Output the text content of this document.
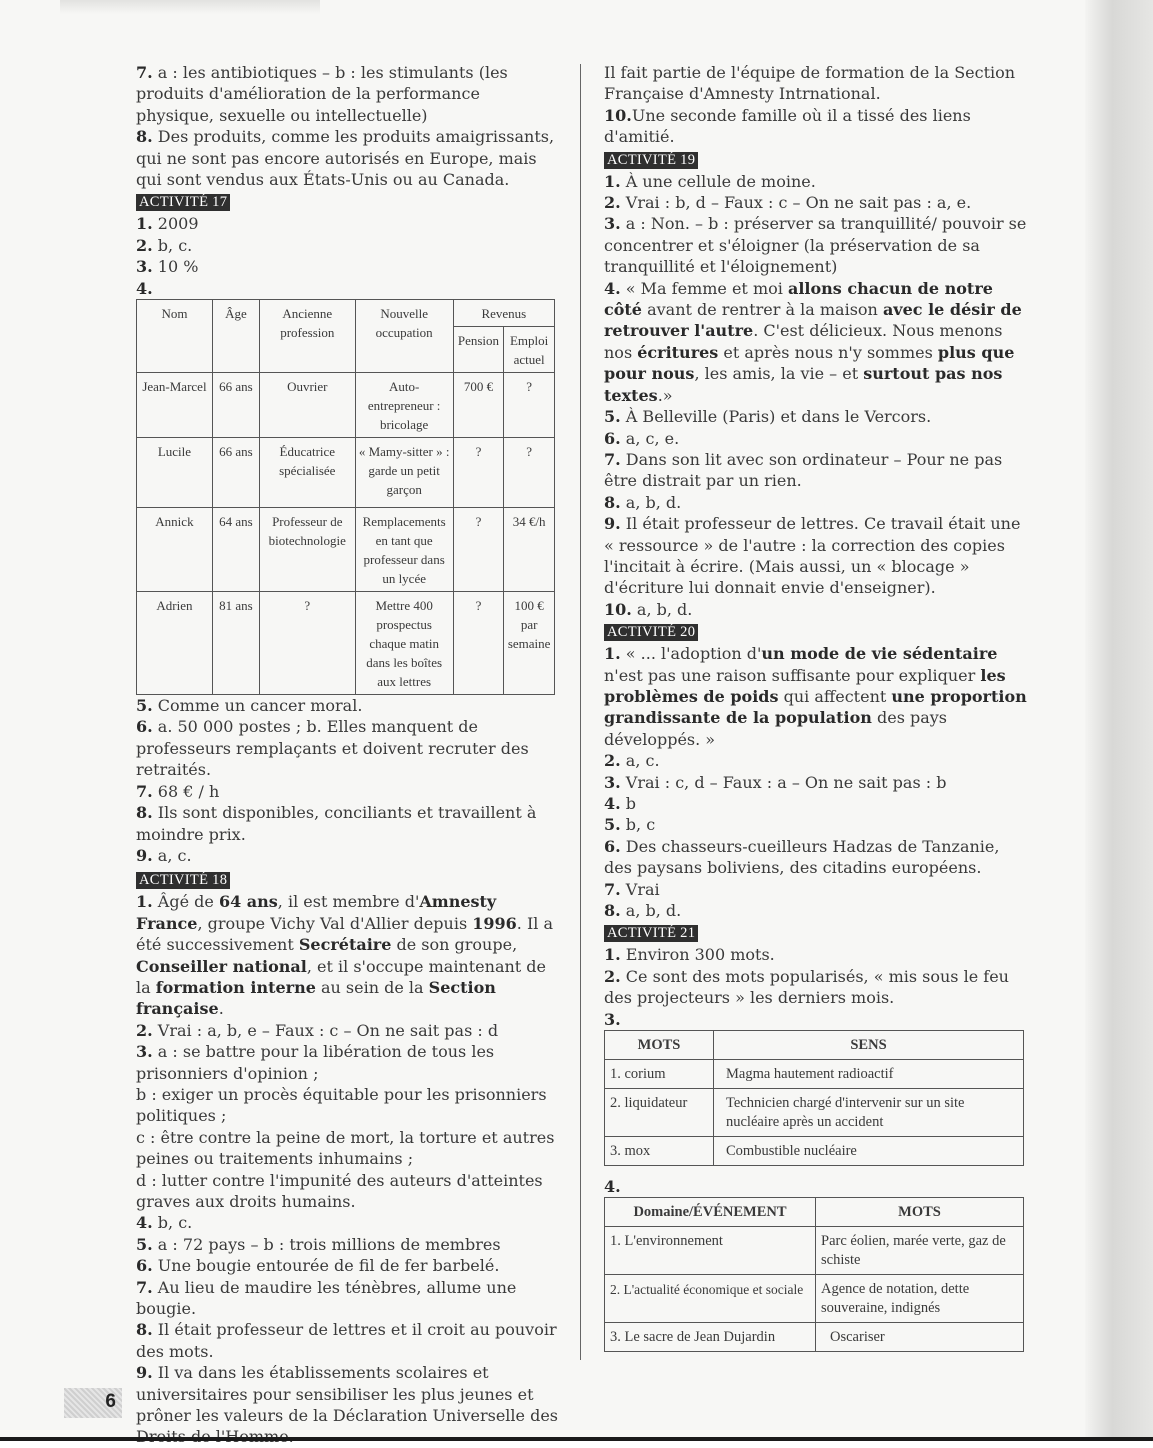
7. a : les antibiotiques – b : les stimulants (les produits d'amélioration de la performance physique, sexuelle ou intellectuelle)

8. Des produits, comme les produits amaigrissants, qui ne sont pas encore autorisés en Europe, mais qui sont vendus aux États-Unis ou au Canada.

ACTIVITÉ 17

1. 2009

2. b, c.

3. 10 %

4.

Nom	Âge	Ancienne profession	Nouvelle occupation	Revenus	
				Pension	Emploi actuel
Jean-Marcel	66 ans	Ouvrier	Auto-entrepreneur : bricolage	700 €	?
Lucile	66 ans	Éducatrice spécialisée	« Mamy-sitter » : garde un petit garçon	?	?
Annick	64 ans	Professeur de biotechnologie	Remplacements en tant que professeur dans un lycée	?	34 €/h
Adrien	81 ans	?	Mettre 400 prospectus chaque matin dans les boîtes aux lettres	?	100 € par semaine

5. Comme un cancer moral.

6. a. 50 000 postes ; b. Elles manquent de professeurs remplaçants et doivent recruter des retraités.

7. 68 € / h

8. Ils sont disponibles, conciliants et travaillent à moindre prix.

9. a, c.

ACTIVITÉ 18

1. Âgé de 64 ans, il est membre d'Amnesty France, groupe Vichy Val d'Allier depuis 1996. Il a été successivement Secrétaire de son groupe, Conseiller national, et il s'occupe maintenant de la formation interne au sein de la Section française.

2. Vrai : a, b, e – Faux : c – On ne sait pas : d

3. a : se battre pour la libération de tous les prisonniers d'opinion ;

b : exiger un procès équitable pour les prisonniers politiques ;

c : être contre la peine de mort, la torture et autres peines ou traitements inhumains ;

d : lutter contre l'impunité des auteurs d'atteintes graves aux droits humains.

4. b, c.

5. a : 72 pays – b : trois millions de membres

6. Une bougie entourée de fil de fer barbelé.

7. Au lieu de maudire les ténèbres, allume une bougie.

8. Il était professeur de lettres et il croit au pouvoir des mots.

9. Il va dans les établissements scolaires et universitaires pour sensibiliser les plus jeunes et prôner les valeurs de la Déclaration Universelle des

Il fait partie de l'équipe de formation de la Section Française d'Amnesty Intrnational.

10.Une seconde famille où il a tissé des liens d'amitié.

ACTIVITÉ 19

1. À une cellule de moine.

2. Vrai : b, d – Faux : c – On ne sait pas : a, e.

3. a : Non. – b : préserver sa tranquillité/ pouvoir se concentrer et s'éloigner (la préservation de sa tranquillité et l'éloignement)

4. « Ma femme et moi allons chacun de notre côté avant de rentrer à la maison avec le désir de retrouver l'autre. C'est délicieux. Nous menons nos écritures et après nous n'y sommes plus que pour nous, les amis, la vie – et surtout pas nos textes.»

5. À Belleville (Paris) et dans le Vercors.

6. a, c, e.

7. Dans son lit avec son ordinateur – Pour ne pas être distrait par un rien.

8. a, b, d.

9. Il était professeur de lettres. Ce travail était une « ressource » de l'autre : la correction des copies l'incitait à écrire. (Mais aussi, un « blocage » d'écriture lui donnait envie d'enseigner).

10. a, b, d.

ACTIVITÉ 20

1. « ... l'adoption d'un mode de vie sédentaire n'est pas une raison suffisante pour expliquer les problèmes de poids qui affectent une proportion grandissante de la population des pays développés. »

2. a, c.

3. Vrai : c, d – Faux : a – On ne sait pas : b

4. b

5. b, c

6. Des chasseurs-cueilleurs Hadzas de Tanzanie, des paysans boliviens, des citadins européens.

7. Vrai

8. a, b, d.

ACTIVITÉ 21

1. Environ 300 mots.

2. Ce sont des mots popularisés, « mis sous le feu des projecteurs » les derniers mois.

3.

MOTS	SENS
1. corium	Magma hautement radioactif
2. liquidateur	Technicien chargé d'intervenir sur un site nucléaire après un accident
3. mox	Combustible nucléaire

4.

Domaine/ÉVÉNEMENT	MOTS
1. L'environnement	Parc éolien, marée verte, gaz de schiste
2. L'actualité économique et sociale	Agence de notation, dette souveraine, indignés
3. Le sacre de Jean Dujardin	Oscariser
6
